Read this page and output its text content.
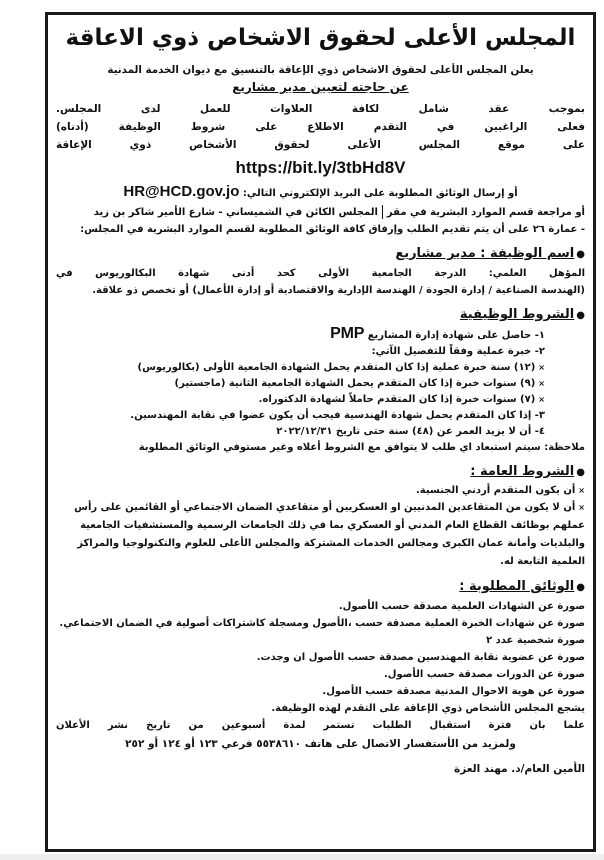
المجلس الأعلى لحقوق الاشخاص ذوي الاعاقة
يعلن المجلس الأعلى لحقوق الاشخاص ذوي الإعاقة بالتنسيق مع ديوان الخدمة المدنية
عن حاجته لتعيين مدير مشاريع
بموجب عقد شامل لكافة العلاوات للعمل لدى المجلس.
فعلى الراغبين في التقدم الاطلاع على شروط الوظيفة (أدناه)
على موقع المجلس الأعلى لحقوق الأشخاص ذوي الإعاقة
https://bit.ly/3tbHd8V
أو إرسال الوثائق المطلوبة على البريد الإلكتروني التالي: HR@HCD.gov.jo
أو مراجعة قسم الموارد البشرية في مقرالمجلس الكائن في الشميساني - شارع الأمير شاكر بن زيد
- عمارة ٢٦ على أن يتم تقديم الطلب وإرفاق كافة الوثائق المطلوبة لقسم الموارد البشرية في المجلس:
●اسم الوظيفة : مدير مشاريع
المؤهل العلمي: الدرجة الجامعية الأولى كحد أدنى شهادة البكالوريوس في
(الهندسة الصناعية / إدارة الجودة / الهندسة الإدارية والاقتصادية أو إدارة الأعمال) أو تخصص ذو علاقة.
●الشروط الوظيفية
١- حاصل على شهادة إدارة المشاريع PMP
٢- خبرة عملية وفقاً للتفصيل الآتي:
×(١٢) سنة خبرة عملية إذا كان المتقدم يحمل الشهادة الجامعية الأولى (بكالوريوس)
×(٩) سنوات خبرة إذا كان المتقدم يحمل الشهادة الجامعية الثانية (ماجستير)
×(٧) سنوات خبرة إذا كان المتقدم حاملاً لشهادة الدكتوراه.
٣- إذا كان المتقدم يحمل شهادة الهندسية فيجب أن يكون عضوا في نقابة المهندسين.
٤- أن لا يزيد العمر عن (٤٨) سنة حتى تاريخ ٢٠٢٢/١٢/٣١
ملاحظة: سيتم استبعاد اي طلب لا يتوافق مع الشروط أعلاه وغير مستوفي الوثائق المطلوبة
●الشروط العامة :
×أن يكون المتقدم أردني الجنسية.
×أن لا يكون من المتقاعدين المدنيين او العسكريين أو متقاعدي الضمان الاجتماعي أو القائمين على رأس عملهم بوظائف القطاع العام المدني أو العسكري بما في ذلك الجامعات الرسمية والمستشفيات الجامعية والبلديات وأمانة عمان الكبرى ومجالس الخدمات المشتركة والمجلس الأعلى للعلوم والتكنولوجيا والمراكز العلمية التابعة له.
●الوثائق المطلوبة :
صورة عن الشهادات العلمية مصدقة حسب الأصول.
صورة عن شهادات الخبرة العملية مصدقة حسب ،الأصول ومسجلة كاشتراكات أصولية في الضمان الاجتماعي.
صورة شخصية عدد ٢
صورة عن عضوية نقابة المهندسين مصدقة حسب الأصول ان وجدت.
صورة عن الدورات مصدقة حسب الأصول.
صورة عن هوية الاحوال المدنية مصدقة حسب الأصول.
يشجع المجلس الأشخاص ذوي الإعاقة على التقدم لهذه الوظيفة.
علما بان فترة استقبال الطلبات تستمر لمدة أسبوعين من تاريخ نشر الأعلان
ولمزيد من الأستفسار الاتصال على هاتف ٥٥٣٨٦١٠ فرعي ١٢٣ أو ١٢٤ أو ٢٥٢
الأمين العام/د. مهند العزة
